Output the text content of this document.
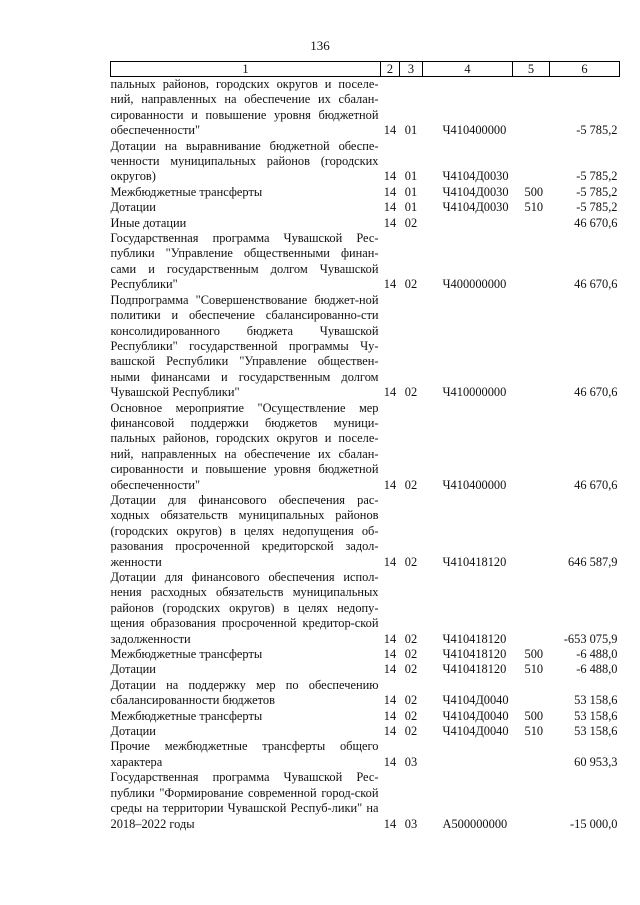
136
1	2	3	4	5	6
пальных районов, городских округов и поселе-ний, направленных на обеспечение их сбалан-сированности и повышение уровня бюджетной обеспеченности"	14	01	Ч410400000		-5 785,2
Дотации на выравнивание бюджетной обеспе-ченности муниципальных районов (городских округов)	14	01	Ч4104Д0030		-5 785,2
Межбюджетные трансферты	14	01	Ч4104Д0030	500	-5 785,2
Дотации	14	01	Ч4104Д0030	510	-5 785,2
Иные дотации	14	02			46 670,6
Государственная программа Чувашской Рес-публики "Управление общественными финан-сами и государственным долгом Чувашской Республики"	14	02	Ч400000000		46 670,6
Подпрограмма "Совершенствование бюджет-ной политики и обеспечение сбалансированно-сти консолидированного бюджета Чувашской Республики" государственной программы Чу-вашской Республики "Управление обществен-ными финансами и государственным долгом Чувашской Республики"	14	02	Ч410000000		46 670,6
Основное мероприятие "Осуществление мер финансовой поддержки бюджетов муници-пальных районов, городских округов и поселе-ний, направленных на обеспечение их сбалан-сированности и повышение уровня бюджетной обеспеченности"	14	02	Ч410400000		46 670,6
Дотации для финансового обеспечения рас-ходных обязательств муниципальных районов (городских округов) в целях недопущения об-разования просроченной кредиторской задол-женности	14	02	Ч410418120		646 587,9
Дотации для финансового обеспечения испол-нения расходных обязательств муниципальных районов (городских округов) в целях недопу-щения образования просроченной кредитор-ской задолженности	14	02	Ч410418120		-653 075,9
Межбюджетные трансферты	14	02	Ч410418120	500	-6 488,0
Дотации	14	02	Ч410418120	510	-6 488,0
Дотации на поддержку мер по обеспечению сбалансированности бюджетов	14	02	Ч4104Д0040		53 158,6
Межбюджетные трансферты	14	02	Ч4104Д0040	500	53 158,6
Дотации	14	02	Ч4104Д0040	510	53 158,6
Прочие межбюджетные трансферты общего характера	14	03			60 953,3
Государственная программа Чувашской Рес-публики "Формирование современной город-ской среды на территории Чувашской Респуб-лики" на 2018–2022 годы	14	03	А500000000		-15 000,0
